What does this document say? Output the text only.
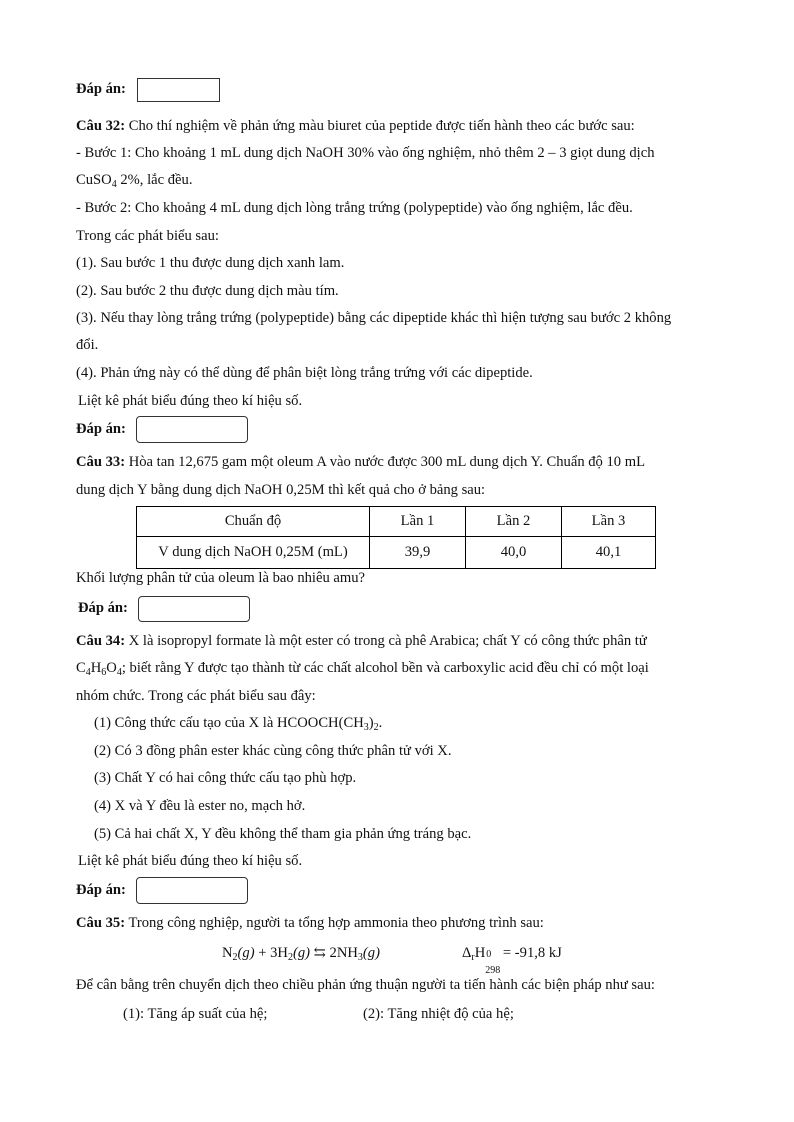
Đáp án:
Câu 32: Cho thí nghiệm về phản ứng màu biuret của peptide được tiến hành theo các bước sau:
- Bước 1: Cho khoảng 1 mL dung dịch NaOH 30% vào ống nghiệm, nhỏ thêm 2 – 3 giọt dung dịch
CuSO$_4$ 2%, lắc đều.
- Bước 2: Cho khoảng 4 mL dung dịch lòng trắng trứng (polypeptide) vào ống nghiệm, lắc đều.
Trong các phát biểu sau:
(1). Sau bước 1 thu được dung dịch xanh lam.
(2). Sau bước 2 thu được dung dịch màu tím.
(3). Nếu thay lòng trắng trứng (polypeptide) bằng các dipeptide khác thì hiện tượng sau bước 2 không
đổi.
(4). Phản ứng này có thể dùng để phân biệt lòng trắng trứng với các dipeptide.
Liệt kê phát biểu đúng theo kí hiệu số.
Đáp án:
Câu 33: Hòa tan 12,675 gam một oleum A vào nước được 300 mL dung dịch Y. Chuẩn độ 10 mL
dung dịch Y bằng dung dịch NaOH 0,25M thì kết quả cho ở bảng sau:
Chuẩn độ	Lần 1	Lần 2	Lần 3
V dung dịch NaOH 0,25M (mL)	39,9	40,0	40,1
Khối lượng phân tử của oleum là bao nhiêu amu?
Đáp án:
Câu 34: X là isopropyl formate là một ester có trong cà phê Arabica; chất Y có công thức phân tử
$C_4H_6O_4$; biết rằng Y được tạo thành từ các chất alcohol bền và carboxylic acid đều chỉ có một loại
nhóm chức. Trong các phát biểu sau đây:
(1) Công thức cấu tạo của X là $HCOOCH(CH_3)_2$.
(2) Có 3 đồng phân ester khác cùng công thức phân tử với X.
(3) Chất Y có hai công thức cấu tạo phù hợp.
(4) X và Y đều là ester no, mạch hở.
(5) Cả hai chất X, Y đều không thể tham gia phản ứng tráng bạc.
Liệt kê phát biểu đúng theo kí hiệu số.
Đáp án:
Câu 35: Trong công nghiệp, người ta tổng hợp ammonia theo phương trình sau:
$N_2(g) + 3H_2(g)$ ⇆ $2NH_3(g)$	$\Delta_rH$ 0
298
= -91,8 kJ
Để cân bằng trên chuyển dịch theo chiều phản ứng thuận người ta tiến hành các biện pháp như sau:
(1): Tăng áp suất của hệ;	(2): Tăng nhiệt độ của hệ;
